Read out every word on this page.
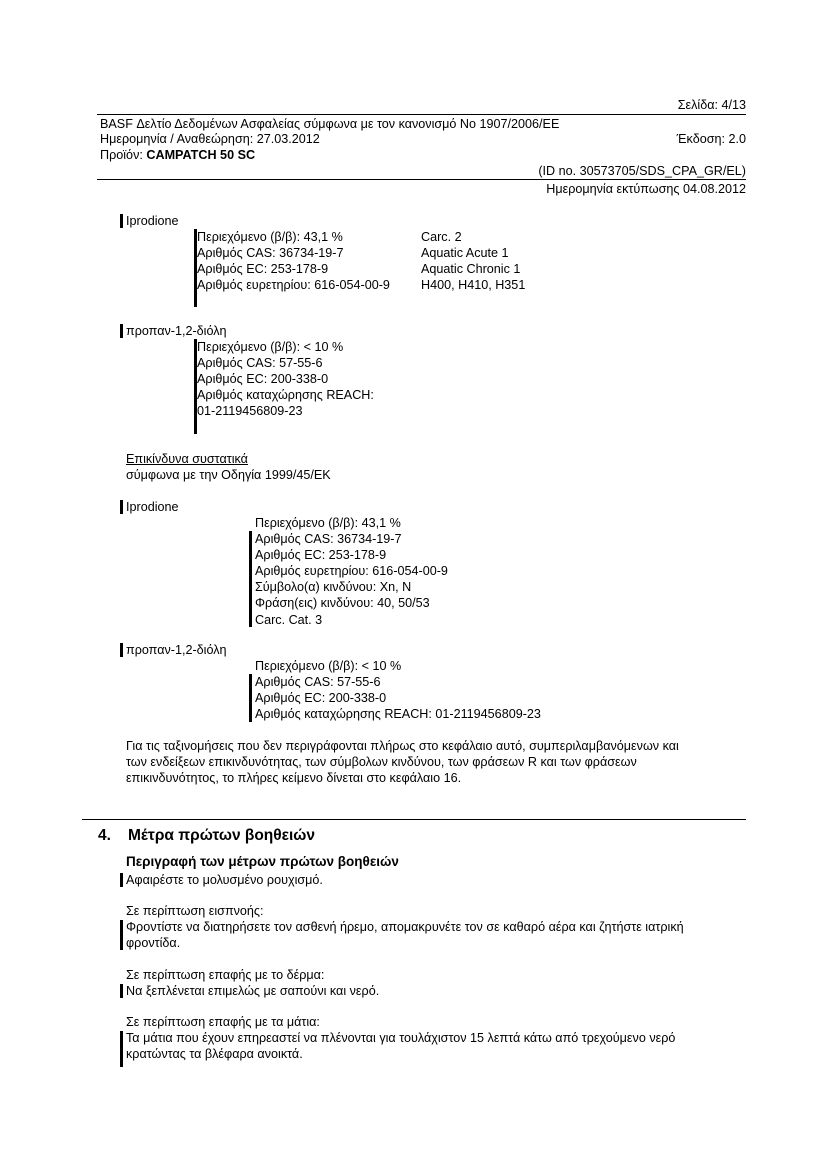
Σελίδα: 4/13
BASF Δελτίο Δεδομένων Ασφαλείας σύμφωνα με τον κανονισμό Νο 1907/2006/ΕΕ
Ημερομηνία / Αναθεώρηση: 27.03.2012	Έκδοση: 2.0
Προϊόν: CAMPATCH 50 SC
(ID no. 30573705/SDS_CPA_GR/EL)
Ημερομηνία εκτύπωσης 04.08.2012
Iprodione
Περιεχόμενο (β/β): 43,1 %
Αριθμός CAS: 36734-19-7
Αριθμός EC: 253-178-9
Αριθμός ευρετηρίου: 616-054-00-9
Carc. 2
Aquatic Acute 1
Aquatic Chronic 1
H400, H410, H351
προπαν-1,2-διόλη
Περιεχόμενο (β/β): < 10 %
Αριθμός CAS: 57-55-6
Αριθμός EC: 200-338-0
Αριθμός καταχώρησης REACH:
01-2119456809-23
Επικίνδυνα συστατικά
σύμφωνα με την Οδηγία 1999/45/ΕΚ
Iprodione
Περιεχόμενο (β/β): 43,1 %
Αριθμός CAS: 36734-19-7
Αριθμός EC: 253-178-9
Αριθμός ευρετηρίου: 616-054-00-9
Σύμβολο(α) κινδύνου: Xn, N
Φράση(εις) κινδύνου: 40, 50/53
Carc. Cat. 3
προπαν-1,2-διόλη
Περιεχόμενο (β/β): < 10 %
Αριθμός CAS: 57-55-6
Αριθμός EC: 200-338-0
Αριθμός καταχώρησης REACH: 01-2119456809-23
Για τις ταξινομήσεις που δεν περιγράφονται πλήρως στο κεφάλαιο αυτό, συμπεριλαμβανόμενων και
των ενδείξεων επικινδυνότητας, των σύμβολων κινδύνου, των φράσεων R και των φράσεων
επικινδυνότητος, το πλήρες κείμενο δίνεται στο κεφάλαιο 16.
4. Μέτρα πρώτων βοηθειών
Περιγραφή των μέτρων πρώτων βοηθειών
Αφαιρέστε το μολυσμένο ρουχισμό.
Σε περίπτωση εισπνοής:
Φροντίστε να διατηρήσετε τον ασθενή ήρεμο, απομακρυνέτε τον σε καθαρό αέρα και ζητήστε ιατρική
φροντίδα.
Σε περίπτωση επαφής με το δέρμα:
Να ξεπλένεται επιμελώς με σαπούνι και νερό.
Σε περίπτωση επαφής με τα μάτια:
Τα μάτια που έχουν επηρεαστεί να πλένονται για τουλάχιστον 15 λεπτά κάτω από τρεχούμενο νερό
κρατώντας τα βλέφαρα ανοικτά.
